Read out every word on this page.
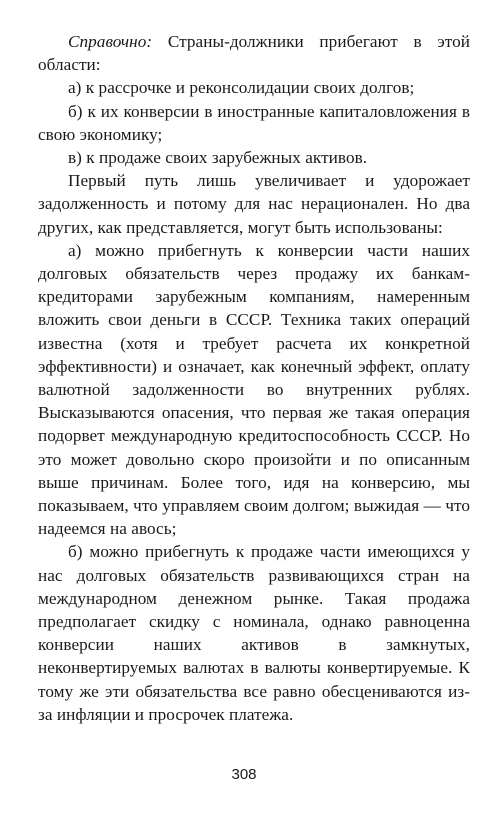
Справочно: Страны-должники прибегают в этой области:

а) к рассрочке и реконсолидации своих долгов;

б) к их конверсии в иностранные капиталовложения в свою экономику;

в) к продаже своих зарубежных активов.

Первый путь лишь увеличивает и удорожает задолженность и потому для нас нерационален. Но два других, как представляется, могут быть использованы:

а) можно прибегнуть к конверсии части наших долговых обязательств через продажу их банкам-кредиторами зарубежным компаниям, намеренным вложить свои деньги в СССР. Техника таких операций известна (хотя и требует расчета их конкретной эффективности) и означает, как конечный эффект, оплату валютной задолженности во внутренних рублях. Высказываются опасения, что первая же такая операция подорвет международную кредитоспособность СССР. Но это может довольно скоро произойти и по описанным выше причинам. Более того, идя на конверсию, мы показываем, что управляем своим долгом; выжидая — что надеемся на авось;

б) можно прибегнуть к продаже части имеющихся у нас долговых обязательств развивающихся стран на международном денежном рынке. Такая продажа предполагает скидку с номинала, однако равноценна конверсии наших активов в замкнутых, неконвертируемых валютах в валюты конвертируемые. К тому же эти обязательства все равно обесцениваются из-за инфляции и просрочек платежа.

308
